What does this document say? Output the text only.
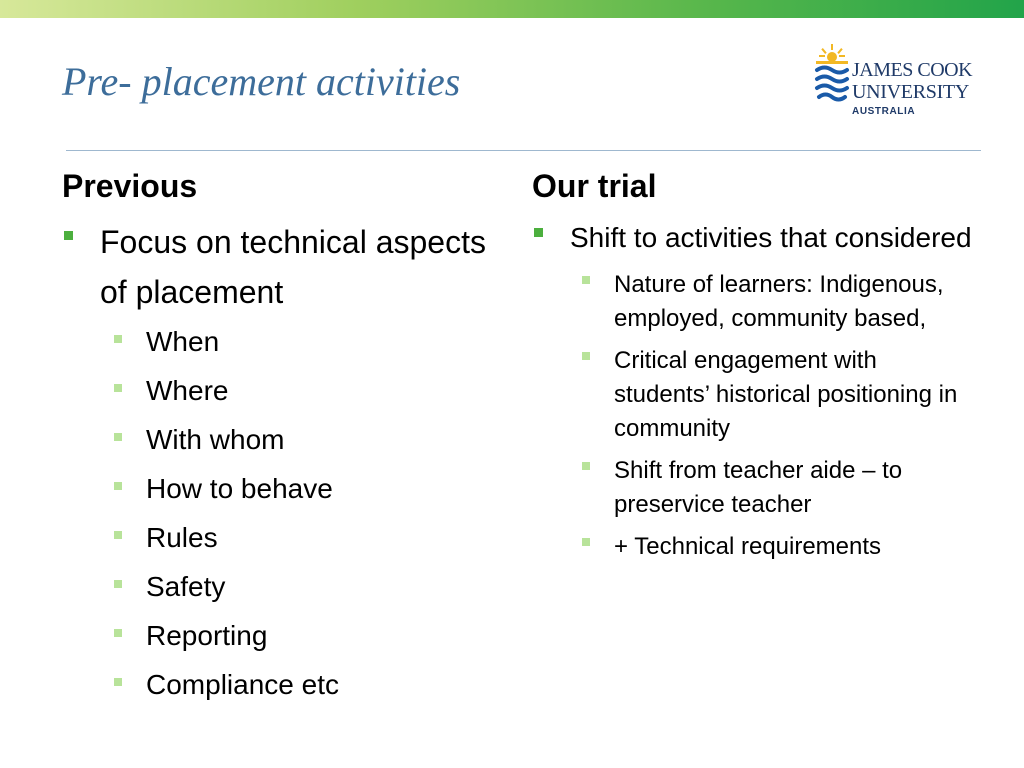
Pre- placement activities	JAMES COOK
UNIVERSITY
AUSTRALIA
Previous
Focus on technical aspects of placement
When
Where
With whom
How to behave
Rules
Safety
Reporting
Compliance etc
Our trial
Shift to activities that considered
Nature of learners: Indigenous, employed, community based,
Critical engagement with students’ historical positioning in community
Shift from teacher aide – to preservice teacher
+ Technical requirements
